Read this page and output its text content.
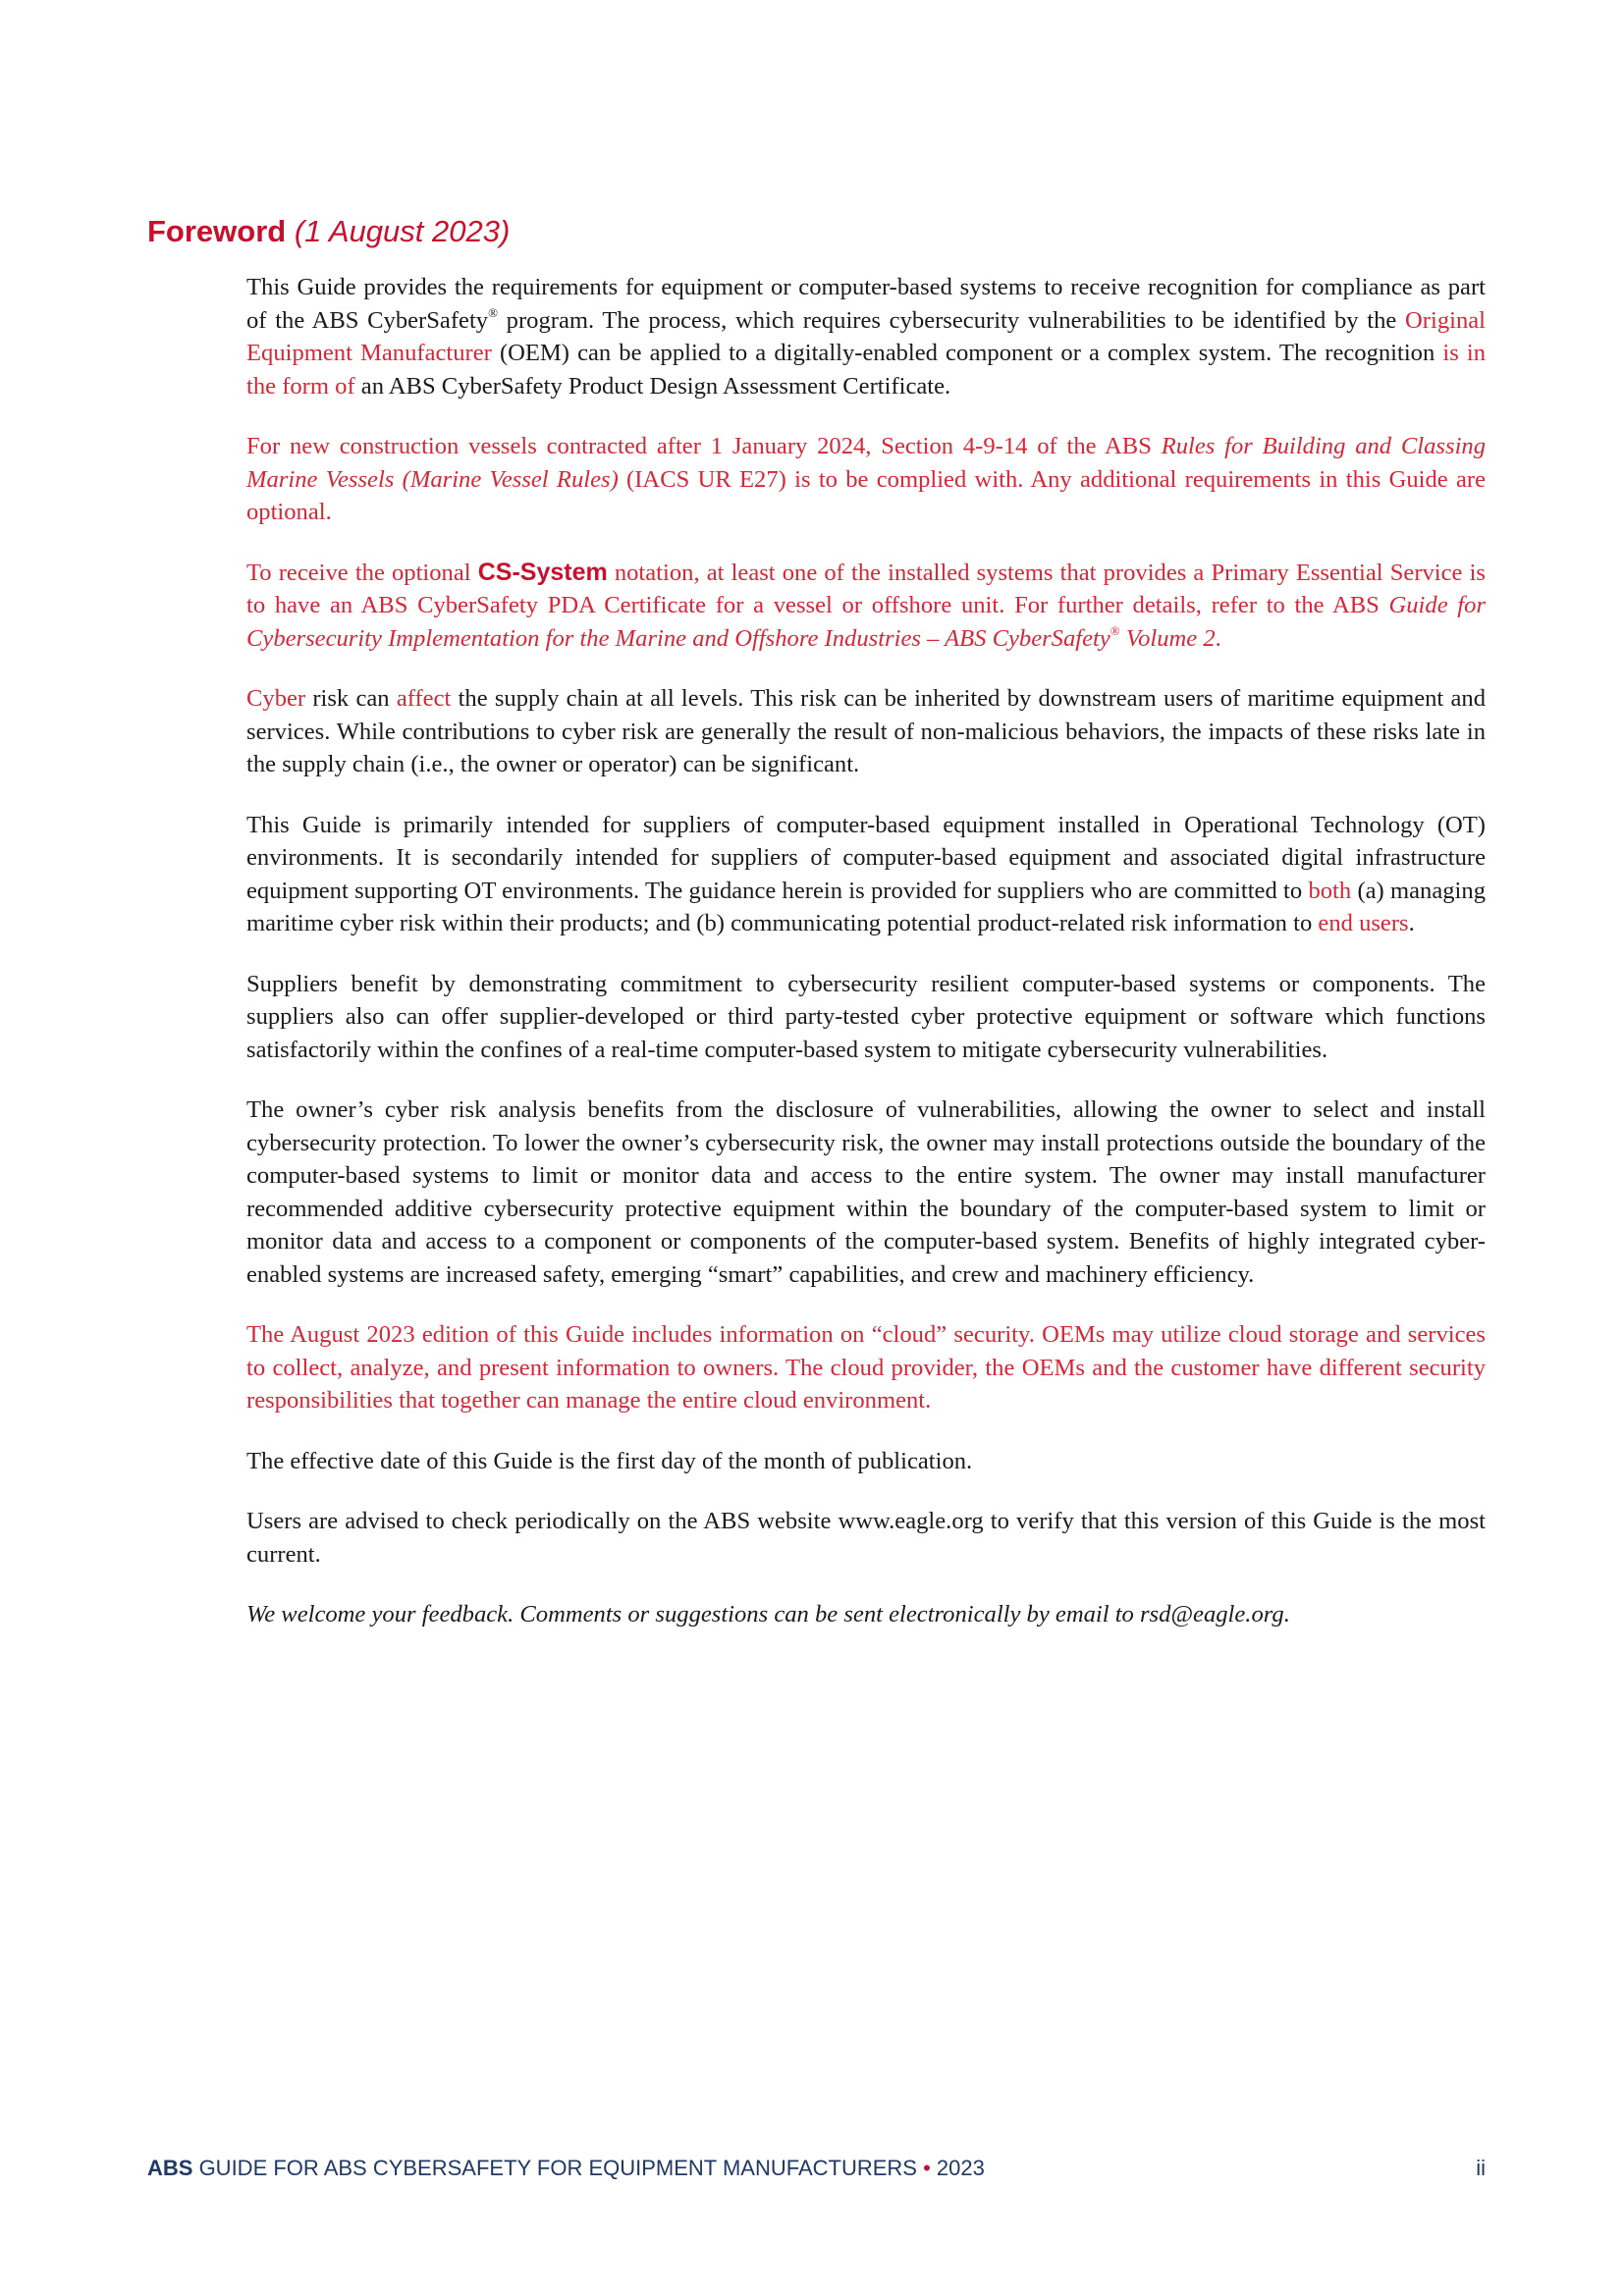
Foreword (1 August 2023)

This Guide provides the requirements for equipment or computer-based systems to receive recognition for compliance as part of the ABS CyberSafety® program. The process, which requires cybersecurity vulnerabilities to be identified by the Original Equipment Manufacturer (OEM) can be applied to a digitally-enabled component or a complex system. The recognition is in the form of an ABS CyberSafety Product Design Assessment Certificate.

For new construction vessels contracted after 1 January 2024, Section 4-9-14 of the ABS Rules for Building and Classing Marine Vessels (Marine Vessel Rules) (IACS UR E27) is to be complied with. Any additional requirements in this Guide are optional.

To receive the optional CS-System notation, at least one of the installed systems that provides a Primary Essential Service is to have an ABS CyberSafety PDA Certificate for a vessel or offshore unit. For further details, refer to the ABS Guide for Cybersecurity Implementation for the Marine and Offshore Industries – ABS CyberSafety® Volume 2.

Cyber risk can affect the supply chain at all levels. This risk can be inherited by downstream users of maritime equipment and services. While contributions to cyber risk are generally the result of non-malicious behaviors, the impacts of these risks late in the supply chain (i.e., the owner or operator) can be significant.

This Guide is primarily intended for suppliers of computer-based equipment installed in Operational Technology (OT) environments. It is secondarily intended for suppliers of computer-based equipment and associated digital infrastructure equipment supporting OT environments. The guidance herein is provided for suppliers who are committed to both (a) managing maritime cyber risk within their products; and (b) communicating potential product-related risk information to end users.

Suppliers benefit by demonstrating commitment to cybersecurity resilient computer-based systems or components. The suppliers also can offer supplier-developed or third party-tested cyber protective equipment or software which functions satisfactorily within the confines of a real-time computer-based system to mitigate cybersecurity vulnerabilities.

The owner’s cyber risk analysis benefits from the disclosure of vulnerabilities, allowing the owner to select and install cybersecurity protection. To lower the owner’s cybersecurity risk, the owner may install protections outside the boundary of the computer-based systems to limit or monitor data and access to the entire system. The owner may install manufacturer recommended additive cybersecurity protective equipment within the boundary of the computer-based system to limit or monitor data and access to a component or components of the computer-based system. Benefits of highly integrated cyber-enabled systems are increased safety, emerging “smart” capabilities, and crew and machinery efficiency.

The August 2023 edition of this Guide includes information on “cloud” security. OEMs may utilize cloud storage and services to collect, analyze, and present information to owners. The cloud provider, the OEMs and the customer have different security responsibilities that together can manage the entire cloud environment.

The effective date of this Guide is the first day of the month of publication.

Users are advised to check periodically on the ABS website www.eagle.org to verify that this version of this Guide is the most current.

We welcome your feedback. Comments or suggestions can be sent electronically by email to rsd@eagle.org.

ABS GUIDE FOR ABS CYBERSAFETY FOR EQUIPMENT MANUFACTURERS • 2023	ii
